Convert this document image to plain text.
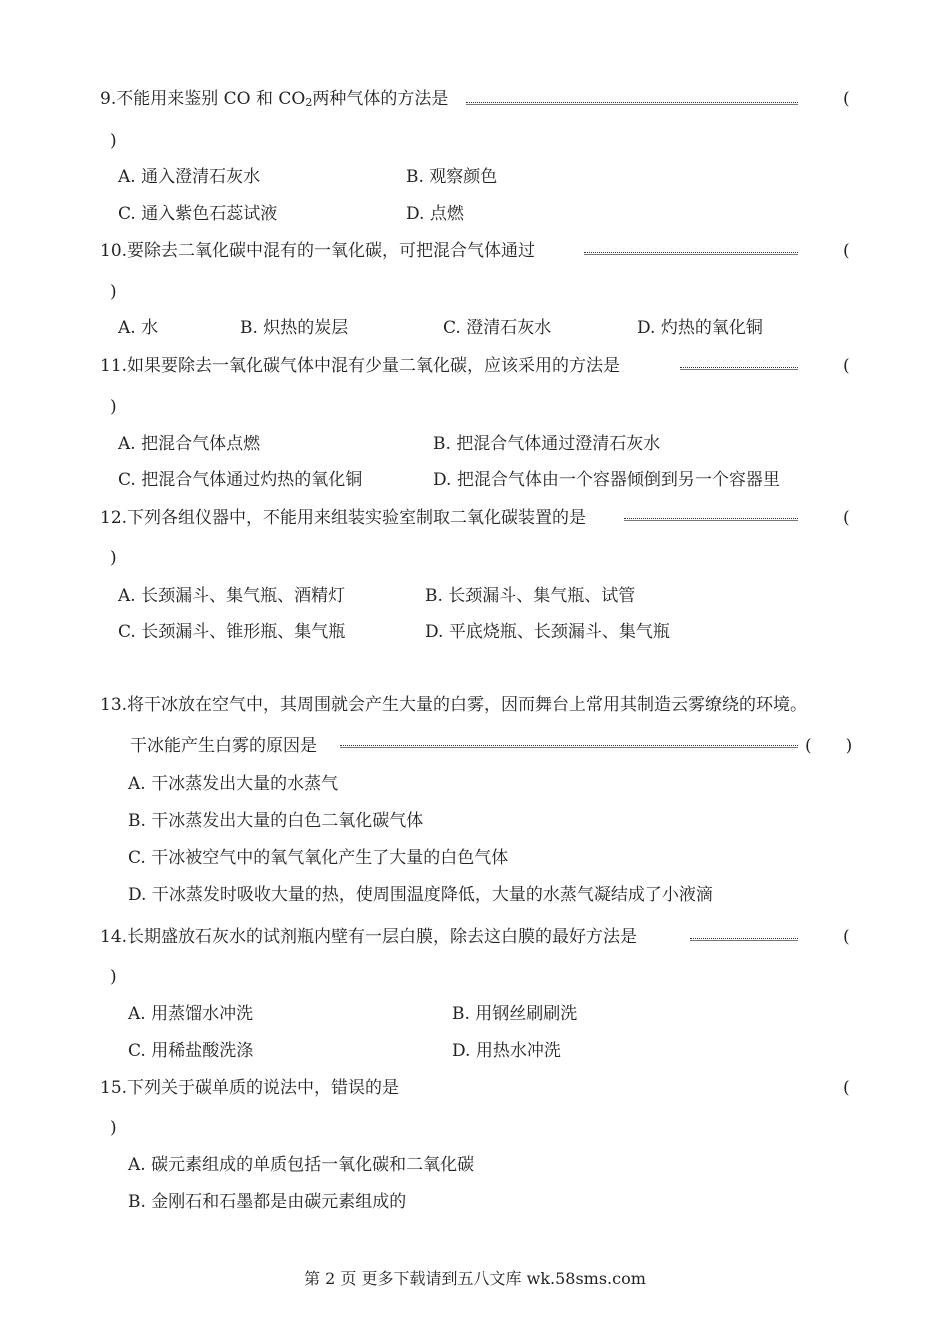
9.不能用来鉴别 CO 和 $CO_2$两种气体的方法是	(
)
A. 通入澄清石灰水	B. 观察颜色
C. 通入紫色石蕊试液	D. 点燃
10.要除去二氧化碳中混有的一氧化碳，可把混合气体通过	(
)
A. 水	B. 炽热的炭层	C. 澄清石灰水	D. 灼热的氧化铜
11.如果要除去一氧化碳气体中混有少量二氧化碳，应该采用的方法是	(
)
A. 把混合气体点燃	B. 把混合气体通过澄清石灰水
C. 把混合气体通过灼热的氧化铜	D. 把混合气体由一个容器倾倒到另一个容器里
12.下列各组仪器中，不能用来组装实验室制取二氧化碳装置的是	(
)
A. 长颈漏斗、集气瓶、酒精灯	B. 长颈漏斗、集气瓶、试管
C. 长颈漏斗、锥形瓶、集气瓶	D. 平底烧瓶、长颈漏斗、集气瓶
13.将干冰放在空气中，其周围就会产生大量的白雾，因而舞台上常用其制造云雾缭绕的环境。
干冰能产生白雾的原因是	(　　)
A. 干冰蒸发出大量的水蒸气
B. 干冰蒸发出大量的白色二氧化碳气体
C. 干冰被空气中的氧气氧化产生了大量的白色气体
D. 干冰蒸发时吸收大量的热，使周围温度降低，大量的水蒸气凝结成了小液滴
14.长期盛放石灰水的试剂瓶内壁有一层白膜，除去这白膜的最好方法是	(
)
A. 用蒸馏水冲洗	B. 用钢丝刷刷洗
C. 用稀盐酸洗涤	D. 用热水冲洗
15.下列关于碳单质的说法中，错误的是	(
)
A. 碳元素组成的单质包括一氧化碳和二氧化碳
B. 金刚石和石墨都是由碳元素组成的
第 2 页 更多下载请到五八文库 wk.58sms.com
